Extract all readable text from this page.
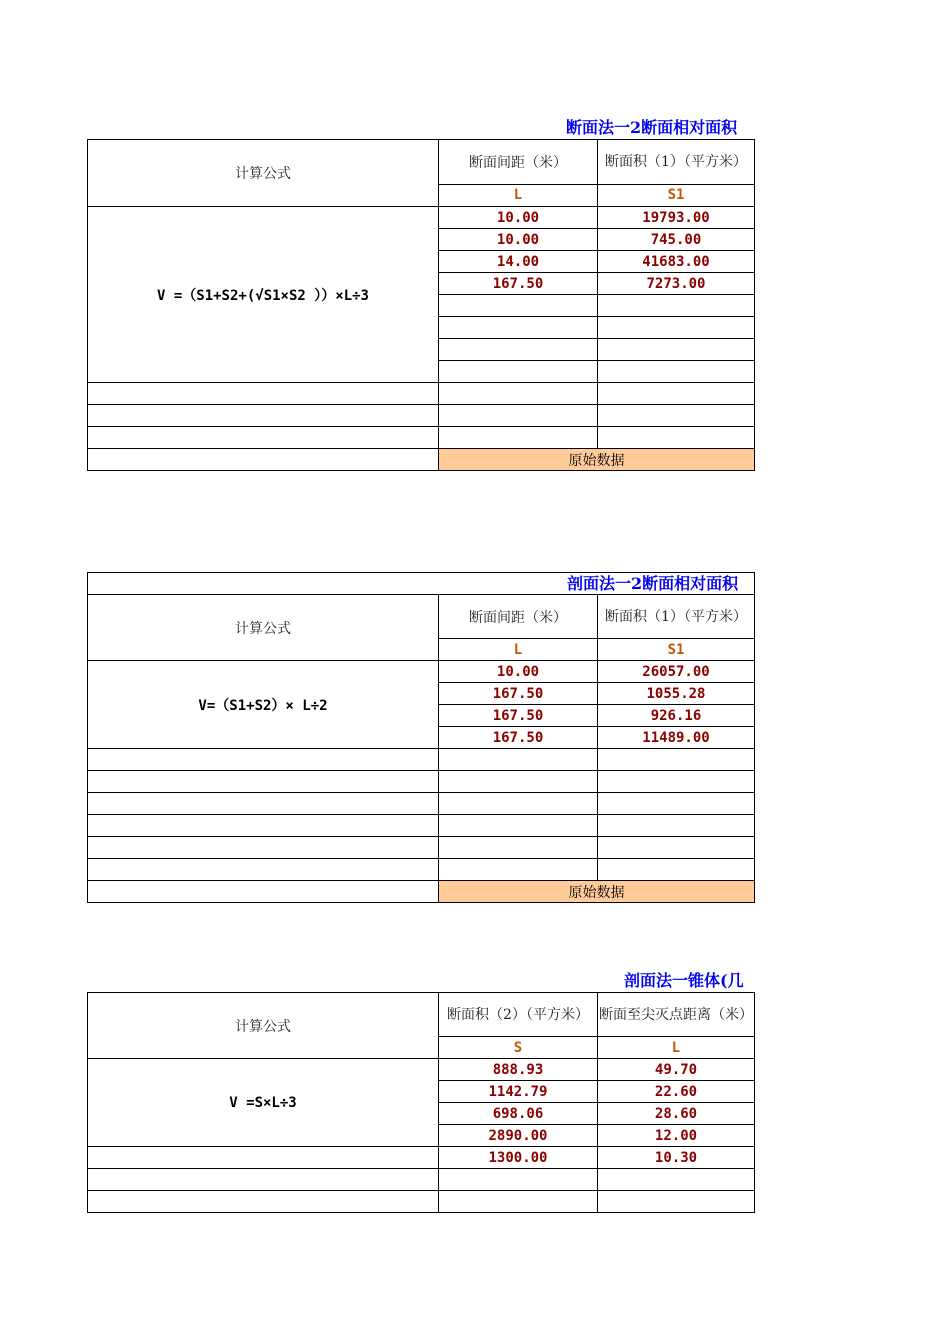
断面法一2断面相对面积
计算公式	断面间距（米）	断面积（1）（平方米）
	L	S1
V =（S1+S2+(√S1×S2 ））×L÷3	10.00	19793.00
	10.00	745.00
	14.00	41683.00
	167.50	7273.00

	原始数据	
剖面法一2断面相对面积		

计算公式	断面间距（米）	断面积（1）（平方米）
	L	S1
V=（S1+S2）× L÷2	10.00	26057.00
	167.50	1055.28
	167.50	926.16
	167.50	11489.00

	原始数据	
剖面法一锥体(几
计算公式	断面积（2）（平方米）	断面至尖灭点距离（米）
	S	L
V =S×L÷3	888.93	49.70
	1142.79	22.60
	698.06	28.60
	2890.00	12.00
	1300.00	10.30
